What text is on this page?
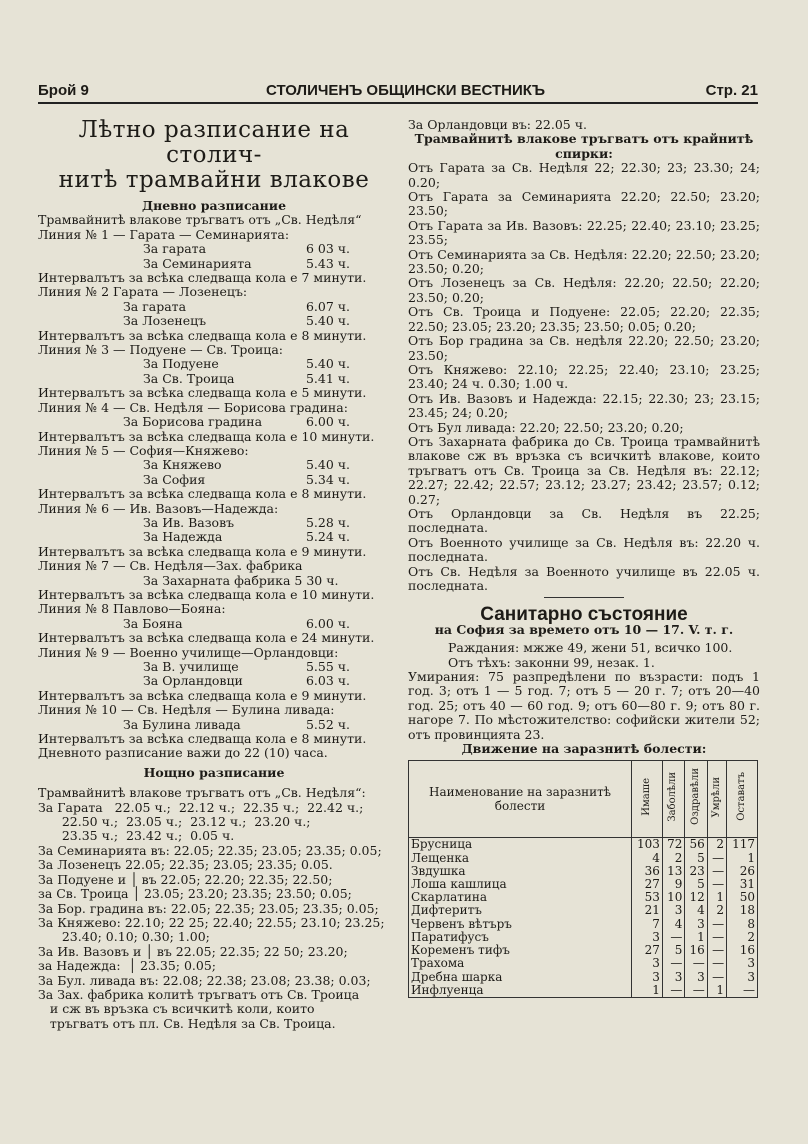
Брой 9	СТОЛИЧЕНЪ ОБЩИНСКИ ВЕСТНИКЪ	Стр. 21
Лѣтно разписание на столич-
нитѣ трамвайни влакове
Дневно разписание
Трамвайнитѣ влакове тръгватъ отъ „Св. Недѣля“
Линия № 1 — Гарата — Семинарията:
За гарата	6 03 ч.
За Семинарията	5.43 ч.
Интервалътъ за всѣка следваща кола е 7 минути.
Линия № 2 Гарата — Лозенецъ:
За гарата	6.07 ч.
За Лозенецъ	5.40 ч.
Интервалътъ за всѣка следваща кола е 8 минути.
Линия № 3 — Подуене — Св. Троица:
За Подуене	5.40 ч.
За Св. Троица	5.41 ч.
Интервалътъ за всѣка следваща кола е 5 минути.
Линия № 4 — Св. Недѣля — Борисова градина:
За Борисова градина	6.00 ч.
Интервалътъ за всѣка следваща кола е 10 минути.
Линия № 5 — София—Княжево:
За Княжево	5.40 ч.
За София	5.34 ч.
Интервалътъ за всѣка следваща кола е 8 минути.
Линия № 6 — Ив. Вазовъ—Надежда:
За Ив. Вазовъ	5.28 ч.
За Надежда	5.24 ч.
Интервалътъ за всѣка следваща кола е 9 минути.
Линия № 7 — Св. Недѣля—Зах. фабрика
За Захарната фабрика 5 30 ч.
Интервалътъ за всѣка следваща кола е 10 минути.
Линия № 8 Павлово—Бояна:
За Бояна	6.00 ч.
Интервалътъ за всѣка следваща кола е 24 минути.
Линия № 9 — Военно училище—Орландовци:
За В. училище	5.55 ч.
За Орландовци	6.03 ч.
Интервалътъ за всѣка следваща кола е 9 минути.
Линия № 10 — Св. Недѣля — Булина ливада:
За Булина ливада	5.52 ч.
Интервалътъ за всѣка следваща кола е 8 минути.
Дневното разписание важи до 22 (10) часа.
Нощно разписание
Трамвайнитѣ влакове тръгватъ отъ „Св. Недѣля“:
За Гарата   22.05 ч.;  22.12 ч.;  22.35 ч.;  22.42 ч.;
22.50 ч.;  23.05 ч.;  23.12 ч.;  23.20 ч.;
23.35 ч.;  23.42 ч.;  0.05 ч.
За Семинарията въ: 22.05; 22.35; 23.05; 23.35; 0.05;
За Лозенецъ 22.05; 22.35; 23.05; 23.35; 0.05.
За Подуене и │ въ 22.05; 22.20; 22.35; 22.50;
за Св. Троица │ 23.05; 23.20; 23.35; 23.50; 0.05;
За Бор. градина въ: 22.05; 22.35; 23.05; 23.35; 0.05;
За Княжево: 22.10; 22 25; 22.40; 22.55; 23.10; 23.25;
23.40; 0.10; 0.30; 1.00;
За Ив. Вазовъ и │ въ 22.05; 22.35; 22 50; 23.20;
за Надежда:  │ 23.35; 0.05;
За Бул. ливада въ: 22.08; 22.38; 23.08; 23.38; 0.03;
За Зах. фабрика колитѣ тръгватъ отъ Св. Троица
и сж въ връзка съ всичкитѣ коли, които
тръгватъ отъ пл. Св. Недѣля за Св. Троица.
За Орландовци въ: 22.05 ч.
Трамвайнитѣ влакове тръгватъ отъ крайнитѣ спирки:
Отъ Гарата за Св. Недѣля 22; 22.30; 23; 23.30; 24; 0.20;
Отъ Гарата за Семинарията 22.20; 22.50; 23.20; 23.50;
Отъ Гарата за Ив. Вазовъ: 22.25; 22.40; 23.10; 23.25; 23.55;
Отъ Семинарията за Св. Недѣля: 22.20; 22.50; 23.20; 23.50; 0.20;
Отъ Лозенецъ за Св. Недѣля: 22.20; 22.50; 22.20; 23.50; 0.20;
Отъ Св. Троица и Подуене: 22.05; 22.20; 22.35; 22.50; 23.05; 23.20; 23.35; 23.50; 0.05; 0.20;
Отъ Бор градина за Св. недѣля 22.20; 22.50; 23.20; 23.50;
Отъ Княжево: 22.10; 22.25; 22.40; 23.10; 23.25; 23.40; 24 ч. 0.30; 1.00 ч.
Отъ Ив. Вазовъ и Надежда: 22.15; 22.30; 23; 23.15; 23.45; 24; 0.20;
Отъ Бул ливада: 22.20; 22.50; 23.20; 0.20;
Отъ Захарната фабрика до Св. Троица трамвайнитѣ влакове сж въ връзка съ всичкитѣ влакове, които тръгватъ отъ Св. Троица за Св. Недѣля въ: 22.12; 22.27; 22.42; 22.57; 23.12; 23.27; 23.42; 23.57; 0.12; 0.27;
Отъ Орландовци за Св. Недѣля въ 22.25; последната.
Отъ Военното училище за Св. Недѣля въ: 22.20 ч. последната.
Отъ Св. Недѣля за Военното училище въ 22.05 ч. последната.
Санитарно състояние
на София за времето отъ 10 — 17. V. т. г.
Раждания: мжже 49, жени 51, всичко 100.
Отъ тѣхъ: законни 99, незак. 1.
Умирания: 75 разпредѣлени по възрасти: подъ 1 год. 3; отъ 1 — 5 год. 7; отъ 5 — 20 г. 7; отъ 20—40 год. 25; отъ 40 — 60 год. 9; отъ 60—80 г. 9; отъ 80 г. нагоре 7. По мѣстожителство: софийски жители 52; отъ провинцията 23.
Движение на заразнитѣ болести:
Наименование на заразнитѣ болести	Имаше	Заболѣли	Оздравѣли	Умрѣли	Оставатъ
Брусница	103	72	56	2	117
Лещенка	4	2	5	—	1
Звдушка	36	13	23	—	26
Лоша кашлица	27	9	5	—	31
Скарлатина	53	10	12	1	50
Дифтеритъ	21	3	4	2	18
Червенъ вѣтъръ	7	4	3	—	8
Паратифусъ	3	—	1	—	2
Коременъ тифъ	27	5	16	—	16
Трахома	3	—	—	—	3
Дребна шарка	3	3	3	—	3
Инфлуенца	1	—	—	1	—
